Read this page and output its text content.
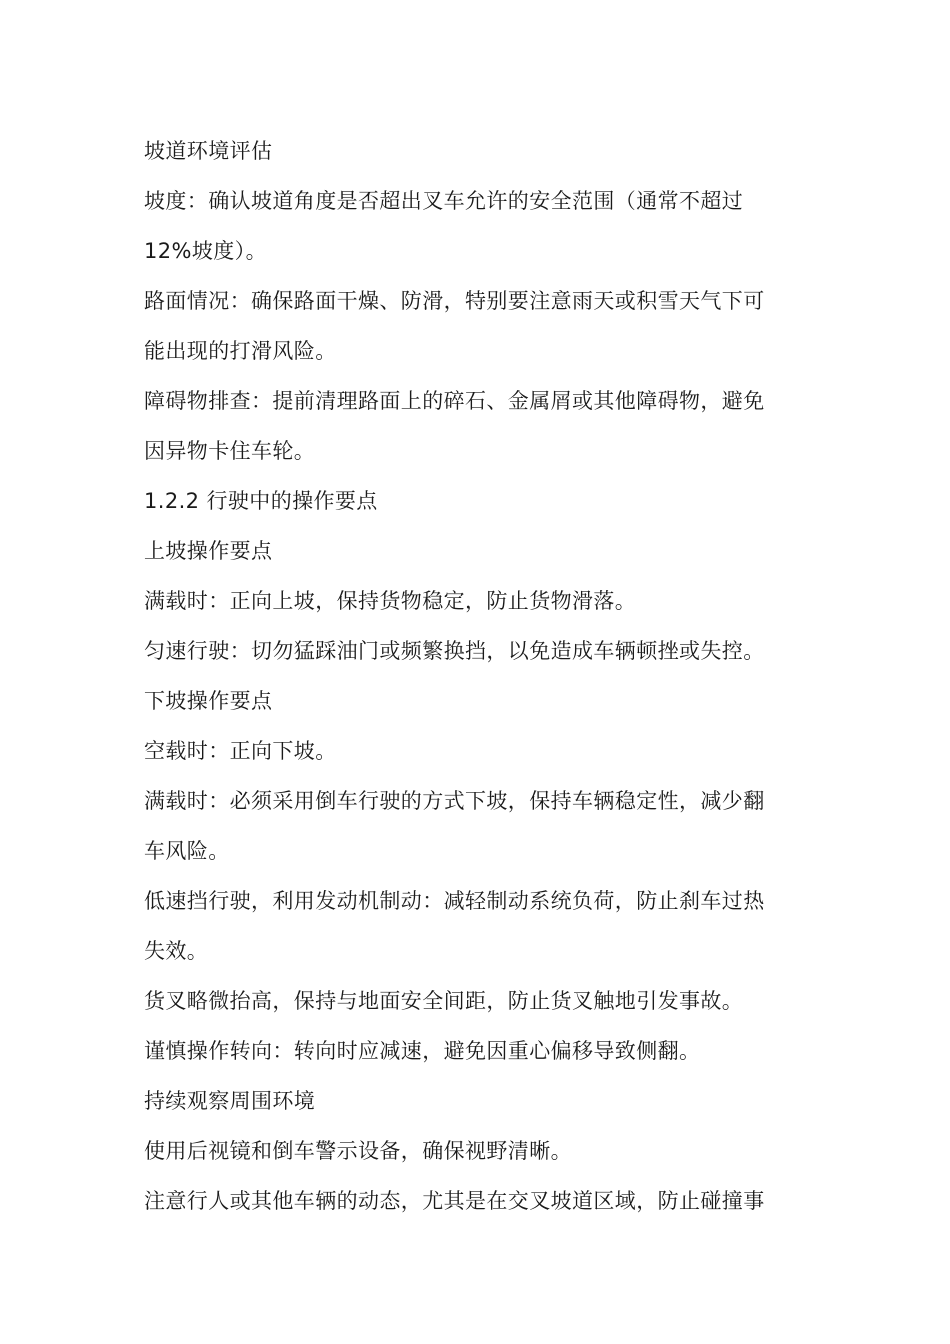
坡道环境评估
坡度：确认坡道角度是否超出叉车允许的安全范围（通常不超过
12%坡度）。
路面情况：确保路面干燥、防滑，特别要注意雨天或积雪天气下可
能出现的打滑风险。
障碍物排查：提前清理路面上的碎石、金属屑或其他障碍物，避免
因异物卡住车轮。
1.2.2 行驶中的操作要点
上坡操作要点
满载时：正向上坡，保持货物稳定，防止货物滑落。
匀速行驶：切勿猛踩油门或频繁换挡，以免造成车辆顿挫或失控。
下坡操作要点
空载时：正向下坡。
满载时：必须采用倒车行驶的方式下坡，保持车辆稳定性，减少翻
车风险。
低速挡行驶，利用发动机制动：减轻制动系统负荷，防止刹车过热
失效。
货叉略微抬高，保持与地面安全间距，防止货叉触地引发事故。
谨慎操作转向：转向时应减速，避免因重心偏移导致侧翻。
持续观察周围环境
使用后视镜和倒车警示设备，确保视野清晰。
注意行人或其他车辆的动态，尤其是在交叉坡道区域，防止碰撞事
